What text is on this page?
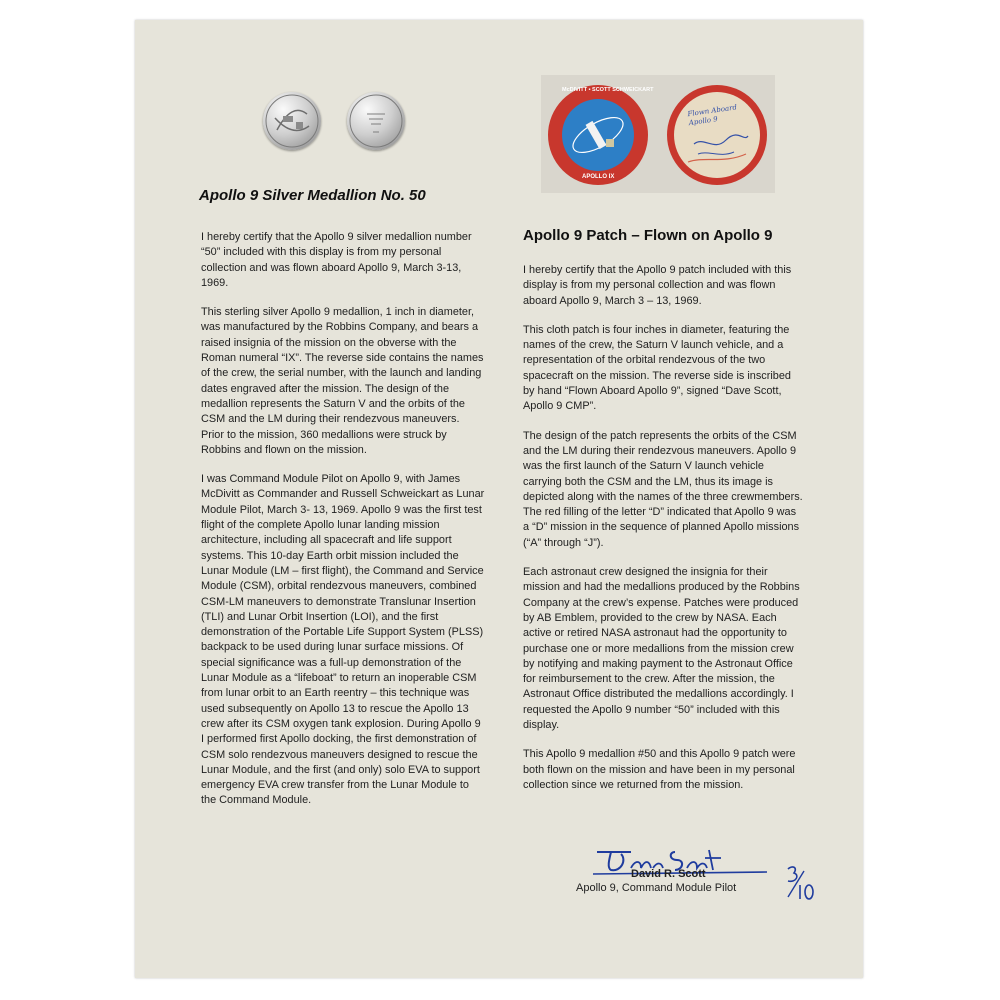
Apollo 9 Silver Medallion No. 50

I hereby certify that the Apollo 9 silver medallion number “50” included with this display is from my personal collection and was flown aboard Apollo 9, March 3-13, 1969.

This sterling silver Apollo 9 medallion, 1 inch in diameter, was manufactured by the Robbins Company, and bears a raised insignia of the mission on the obverse with the Roman numeral “IX”. The reverse side contains the names of the crew, the serial number, with the launch and landing dates engraved after the mission. The design of the medallion represents the Saturn V and the orbits of the CSM and the LM during their rendezvous maneuvers. Prior to the mission, 360 medallions were struck by Robbins and flown on the mission.

I was Command Module Pilot on Apollo 9, with James McDivitt as Commander and Russell Schweickart as Lunar Module Pilot, March 3- 13, 1969. Apollo 9 was the first test flight of the complete Apollo lunar landing mission architecture, including all spacecraft and life support systems. This 10-day Earth orbit mission included the Lunar Module (LM – first flight), the Command and Service Module (CSM), orbital rendezvous maneuvers, combined CSM-LM maneuvers to demonstrate Translunar Insertion (TLI) and Lunar Orbit Insertion (LOI), and the first demonstration of the Portable Life Support System (PLSS) backpack to be used during lunar surface missions. Of special significance was a full-up demonstration of the Lunar Module as a “lifeboat” to return an inoperable CSM from lunar orbit to an Earth reentry – this technique was used subsequently on Apollo 13 to rescue the Apollo 13 crew after its CSM oxygen tank explosion. During Apollo 9 I performed first Apollo docking, the first demonstration of CSM solo rendezvous maneuvers designed to rescue the Lunar Module, and the first (and only) solo EVA to support emergency EVA crew transfer from the Lunar Module to the Command Module.

McDIVITT • SCOTT SCHWEICKART
APOLLO IX
Flown Aboard Apollo 9
Apollo 9 Patch – Flown on Apollo 9

I hereby certify that the Apollo 9 patch included with this display is from my personal collection and was flown aboard Apollo 9, March 3 – 13, 1969.

This cloth patch is four inches in diameter, featuring the names of the crew, the Saturn V launch vehicle, and a representation of the orbital rendezvous of the two spacecraft on the mission. The reverse side is inscribed by hand “Flown Aboard Apollo 9”, signed “Dave Scott, Apollo 9 CMP”.

The design of the patch represents the orbits of the CSM and the LM during their rendezvous maneuvers. Apollo 9 was the first launch of the Saturn V launch vehicle carrying both the CSM and the LM, thus its image is depicted along with the names of the three crewmembers. The red filling of the letter “D” indicated that Apollo 9 was a “D” mission in the sequence of planned Apollo missions (“A” through “J”).

Each astronaut crew designed the insignia for their mission and had the medallions produced by the Robbins Company at the crew’s expense. Patches were produced by AB Emblem, provided to the crew by NASA. Each active or retired NASA astronaut had the opportunity to purchase one or more medallions from the mission crew by notifying and making payment to the Astronaut Office for reimbursement to the crew. After the mission, the Astronaut Office distributed the medallions accordingly. I requested the Apollo 9 number “50” included with this display.

This Apollo 9 medallion #50 and this Apollo 9 patch were both flown on the mission and have been in my personal collection since we returned from the mission.

David R. Scott
Apollo 9, Command Module Pilot
